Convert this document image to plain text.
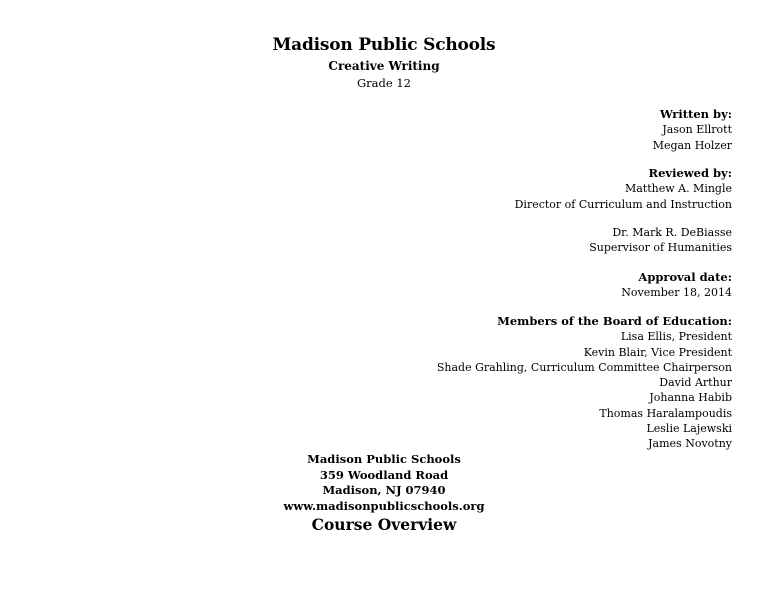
Madison Public Schools
Creative Writing
Grade 12
Written by:
Jason Ellrott
Megan Holzer
Reviewed by:
Matthew A. Mingle
Director of Curriculum and Instruction
Dr. Mark R. DeBiasse
Supervisor of Humanities
Approval date:
November 18, 2014
Members of the Board of Education:
Lisa Ellis, President
Kevin Blair, Vice President
Shade Grahling, Curriculum Committee Chairperson
David Arthur
Johanna Habib
Thomas Haralampoudis
Leslie Lajewski
James Novotny
Madison Public Schools
359 Woodland Road
Madison, NJ 07940
www.madisonpublicschools.org
Course Overview
